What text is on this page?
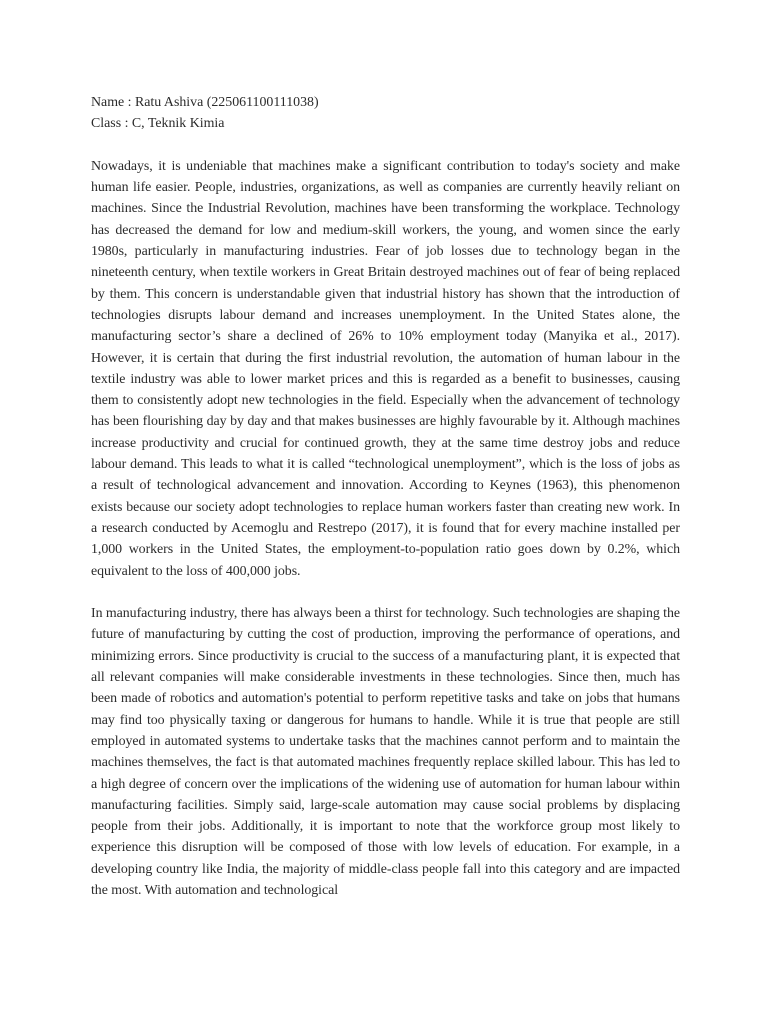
Name : Ratu Ashiva (225061100111038)

Class : C, Teknik Kimia

Nowadays, it is undeniable that machines make a significant contribution to today's society and make human life easier. People, industries, organizations, as well as companies are currently heavily reliant on machines. Since the Industrial Revolution, machines have been transforming the workplace. Technology has decreased the demand for low and medium-skill workers, the young, and women since the early 1980s, particularly in manufacturing industries. Fear of job losses due to technology began in the nineteenth century, when textile workers in Great Britain destroyed machines out of fear of being replaced by them. This concern is understandable given that industrial history has shown that the introduction of technologies disrupts labour demand and increases unemployment. In the United States alone, the manufacturing sector’s share a declined of 26% to 10% employment today (Manyika et al., 2017). However, it is certain that during the first industrial revolution, the automation of human labour in the textile industry was able to lower market prices and this is regarded as a benefit to businesses, causing them to consistently adopt new technologies in the field. Especially when the advancement of technology has been flourishing day by day and that makes businesses are highly favourable by it. Although machines increase productivity and crucial for continued growth, they at the same time destroy jobs and reduce labour demand. This leads to what it is called “technological unemployment”, which is the loss of jobs as a result of technological advancement and innovation. According to Keynes (1963), this phenomenon exists because our society adopt technologies to replace human workers faster than creating new work. In a research conducted by Acemoglu and Restrepo (2017), it is found that for every machine installed per 1,000 workers in the United States, the employment-to-population ratio goes down by 0.2%, which equivalent to the loss of 400,000 jobs.

In manufacturing industry, there has always been a thirst for technology. Such technologies are shaping the future of manufacturing by cutting the cost of production, improving the performance of operations, and minimizing errors. Since productivity is crucial to the success of a manufacturing plant, it is expected that all relevant companies will make considerable investments in these technologies. Since then, much has been made of robotics and automation's potential to perform repetitive tasks and take on jobs that humans may find too physically taxing or dangerous for humans to handle. While it is true that people are still employed in automated systems to undertake tasks that the machines cannot perform and to maintain the machines themselves, the fact is that automated machines frequently replace skilled labour. This has led to a high degree of concern over the implications of the widening use of automation for human labour within manufacturing facilities. Simply said, large-scale automation may cause social problems by displacing people from their jobs. Additionally, it is important to note that the workforce group most likely to experience this disruption will be composed of those with low levels of education. For example, in a developing country like India, the majority of middle-class people fall into this category and are impacted the most. With automation and technological
